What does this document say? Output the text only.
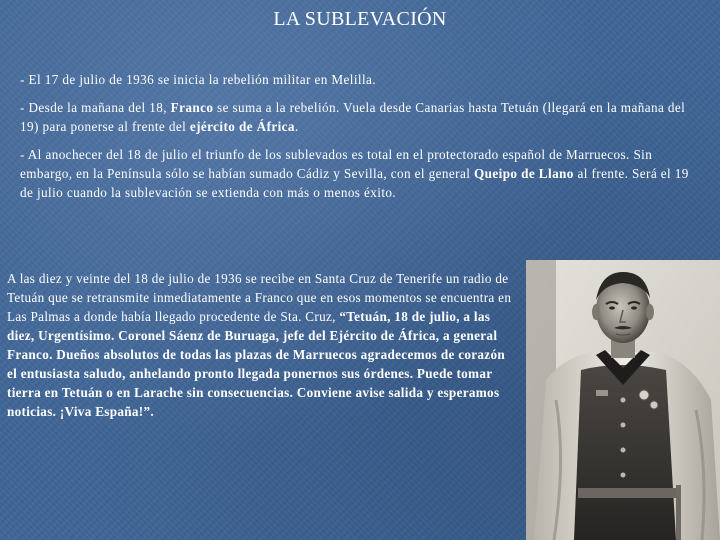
LA SUBLEVACIÓN

- El 17 de julio de 1936 se inicia la rebelión militar en Melilla.

- Desde la mañana del 18, Franco se suma a la rebelión. Vuela desde Canarias hasta Tetuán (llegará en la mañana del 19) para ponerse al frente del ejército de África.

- Al anochecer del 18 de julio el triunfo de los sublevados es total en el protectorado español de Marruecos. Sin embargo, en la Península sólo se habían sumado Cádiz y Sevilla, con el general Queipo de Llano al frente. Será el 19 de julio cuando la sublevación se extienda con más o menos éxito.

A las diez y veinte del 18 de julio de 1936 se recibe en Santa Cruz de Tenerife un radio de Tetuán que se retransmite inmediatamente a Franco que en esos momentos se encuentra en Las Palmas a donde había llegado procedente de Sta. Cruz, “Tetuán, 18 de julio, a las diez, Urgentísimo. Coronel Sáenz de Buruaga, jefe del Ejército de África, a general Franco. Dueños absolutos de todas las plazas de Marruecos agradecemos de corazón el entusiasta saludo, anhelando pronto llegada ponernos sus órdenes. Puede tomar tierra en Tetuán o en Larache sin consecuencias. Conviene avise salida y esperamos noticias. ¡Viva España!”.
